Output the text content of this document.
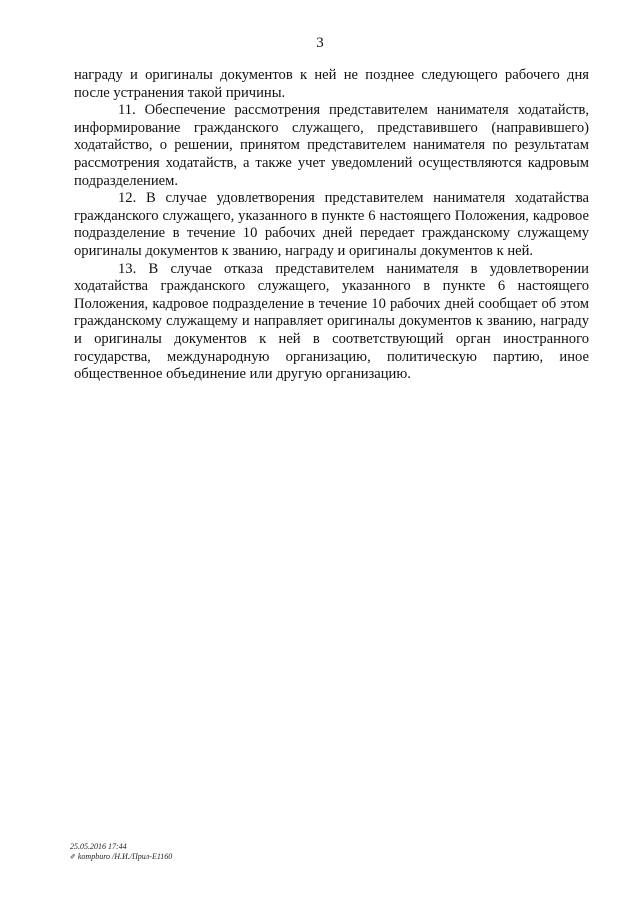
3

награду и оригиналы документов к ней не позднее следующего рабочего дня после устранения такой причины.

11. Обеспечение рассмотрения представителем нанимателя ходатайств, информирование гражданского служащего, представившего (направившего) ходатайство, о решении, принятом представителем нанимателя по результатам рассмотрения ходатайств, а также учет уведомлений осуществляются кадровым подразделением.

12. В случае удовлетворения представителем нанимателя ходатайства гражданского служащего, указанного в пункте 6 настоящего Положения, кадровое подразделение в течение 10 рабочих дней передает гражданскому служащему оригиналы документов к званию, награду и оригиналы документов к ней.

13. В случае отказа представителем нанимателя в удовлетворении ходатайства гражданского служащего, указанного в пункте 6 настоящего Положения, кадровое подразделение в течение 10 рабочих дней сообщает об этом гражданскому служащему и направляет оригиналы документов к званию, награду и оригиналы документов к ней в соответствующий орган иностранного государства, международную организацию, политическую партию, иное общественное объединение или другую организацию.

25.05.2016 17:44
✐ kompburo /Н.И./Прил-Е1160
